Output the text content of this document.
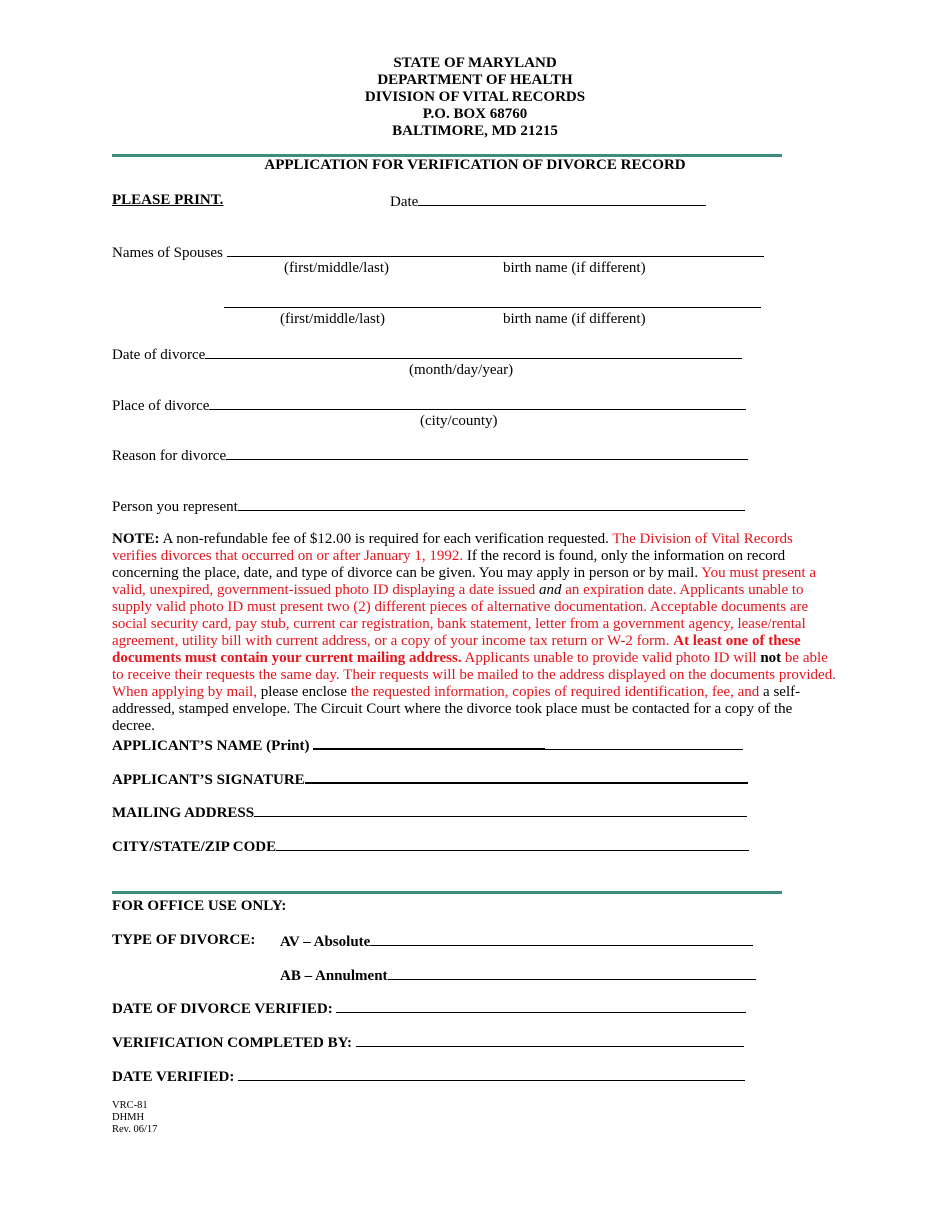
STATE OF MARYLAND
DEPARTMENT OF HEALTH
DIVISION OF VITAL RECORDS
P.O. BOX 68760
BALTIMORE, MD 21215
APPLICATION FOR VERIFICATION OF DIVORCE RECORD
PLEASE PRINT.	Date
Names of Spouses
(first/middle/last)	birth name (if different)
(first/middle/last)	birth name (if different)
Date of divorce
(month/day/year)
Place of divorce
(city/county)
Reason for divorce
Person you represent
NOTE: A non-refundable fee of $12.00 is required for each verification requested. The Division of Vital Records verifies divorces that occurred on or after January 1, 1992. If the record is found, only the information on record concerning the place, date, and type of divorce can be given. You may apply in person or by mail. You must present a valid, unexpired, government-issued photo ID displaying a date issued and an expiration date. Applicants unable to supply valid photo ID must present two (2) different pieces of alternative documentation. Acceptable documents are social security card, pay stub, current car registration, bank statement, letter from a government agency, lease/rental agreement, utility bill with current address, or a copy of your income tax return or W-2 form. At least one of these documents must contain your current mailing address. Applicants unable to provide valid photo ID will not be able to receive their requests the same day. Their requests will be mailed to the address displayed on the documents provided. When applying by mail, please enclose the requested information, copies of required identification, fee, and a self-addressed, stamped envelope. The Circuit Court where the divorce took place must be contacted for a copy of the decree.
APPLICANT’S NAME (Print)
APPLICANT’S SIGNATURE
MAILING ADDRESS
CITY/STATE/ZIP CODE
FOR OFFICE USE ONLY:
TYPE OF DIVORCE: AV – Absolute
AB – Annulment
DATE OF DIVORCE VERIFIED:
VERIFICATION COMPLETED BY:
DATE VERIFIED:
VRC-81
DHMH
Rev. 06/17
